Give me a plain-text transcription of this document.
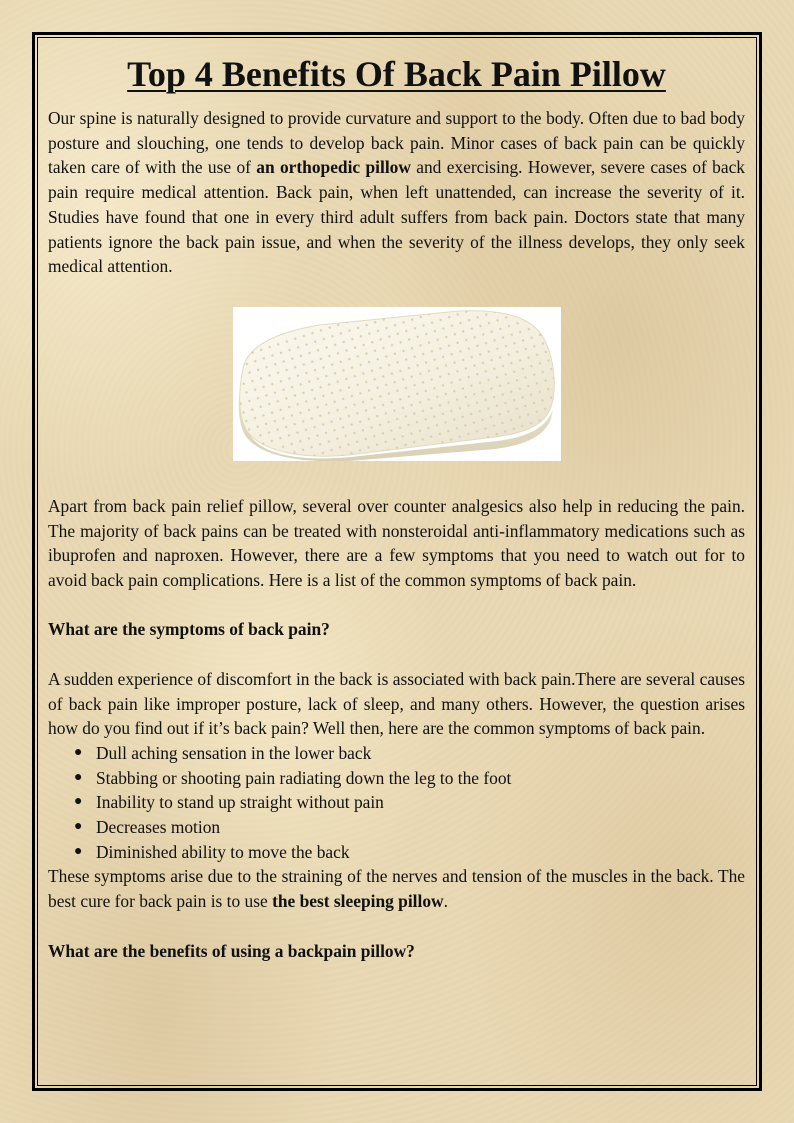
Top 4 Benefits Of Back Pain Pillow

Our spine is naturally designed to provide curvature and support to the body. Often due to bad body posture and slouching, one tends to develop back pain. Minor cases of back pain can be quickly taken care of with the use of an orthopedic pillow and exercising. However, severe cases of back pain require medical attention. Back pain, when left unattended, can increase the severity of it. Studies have found that one in every third adult suffers from back pain. Doctors state that many patients ignore the back pain issue, and when the severity of the illness develops, they only seek medical attention.

Apart from back pain relief pillow, several over counter analgesics also help in reducing the pain. The majority of back pains can be treated with nonsteroidal anti-inflammatory medications such as ibuprofen and naproxen. However, there are a few symptoms that you need to watch out for to avoid back pain complications. Here is a list of the common symptoms of back pain.

What are the symptoms of back pain?

A sudden experience of discomfort in the back is associated with back pain.There are several causes of back pain like improper posture, lack of sleep, and many others. However, the question arises how do you find out if it’s back pain? Well then, here are the common symptoms of back pain.

● Dull aching sensation in the lower back
● Stabbing or shooting pain radiating down the leg to the foot
● Inability to stand up straight without pain
● Decreases motion
● Diminished ability to move the back

These symptoms arise due to the straining of the nerves and tension of the muscles in the back. The best cure for back pain is to use the best sleeping pillow.

What are the benefits of using a backpain pillow?
